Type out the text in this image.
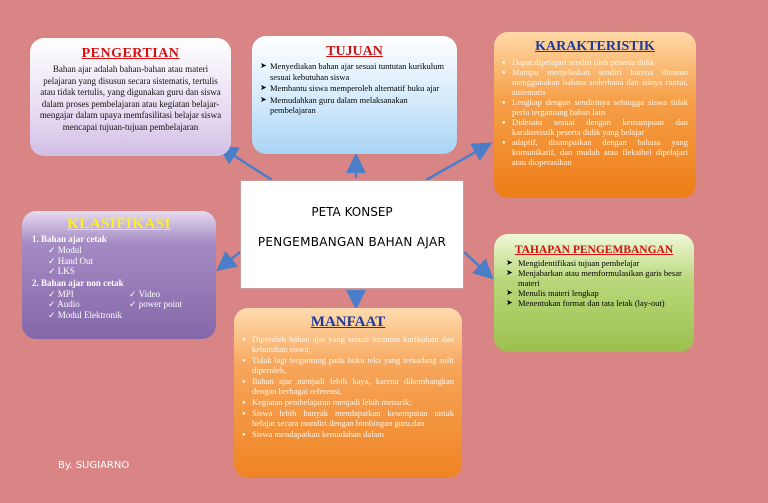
PENGERTIAN

Bahan ajar adalah bahan-bahan atau materi pelajaran yang disusun secara sistematis, tertulis atau tidak tertulis, yang digunakan guru dan siswa dalam proses pembelajaran atau kegiatan belajar-mengajar dalam upaya memfasilitasi belajar siswa mencapai tujuan-tujuan pembelajaran

TUJUAN
➤ Menyediakan bahan ajar sesuai tuntutan kurikulum sesuai kebutuhan siswa
➤ Membantu siswa memperoleh alternatif buku ajar
➤ Memudahkan guru dalam melaksanakan pembelajaran
KARAKTERISTIK
● Dapat dipelajari sendiri oleh peserta didik
● Mampu menjelaskan sendiri karena disusun menggunakan bahasa sederhana dan isinya runtut, sistematis
● Lengkap dengan sendirinya sehingga siswa tidak perlu tergantung bahan lain
● Didesain sesuai dengan kemampuan dan karakteristik peserta didik yang belajar
● adaptif, disampaikan dengan bahasa yang komunikatif, dan mudah atau fleksibel dipelajari atau dioperasikan
PETA KONSEP
PENGEMBANGAN BAHAN AJAR
KLASIFIKASI
1. Bahan ajar cetak
✓ Modul
✓ Hand Out
✓ LKS
2. Bahan ajar non cetak
✓ MPI	✓ Video
✓ Audio	✓ power point
✓ Modul Elektronik
TAHAPAN PENGEMBANGAN
➤ Mengidentifikasi tujuan pembelajar
➤ Menjabarkan atau memformulasikan garis besar materi
➤ Menulis materi lengkap
➤ Menentukan format dan tata letak (lay-out)
MANFAAT
● Diperoleh bahan ajar yang sesuai tuntutan kurikulum dan kebutuhan siswa;
● Tidak lagi tergantung pada buku teks yang terkadang sulit diperoleh,
● Bahan ajar menjadi lebih kaya, karena dikembangkan dengan berbagai referensi,
● Kegiatan pembelajaran menjadi lebih menarik;
● Siswa lebih banyak mendapatkan kesempatan untuk belajar secara mandiri dengan bimbingan guru,dan
● Siswa mendapatkan kemudahan dalam
By. SUGIARNO
